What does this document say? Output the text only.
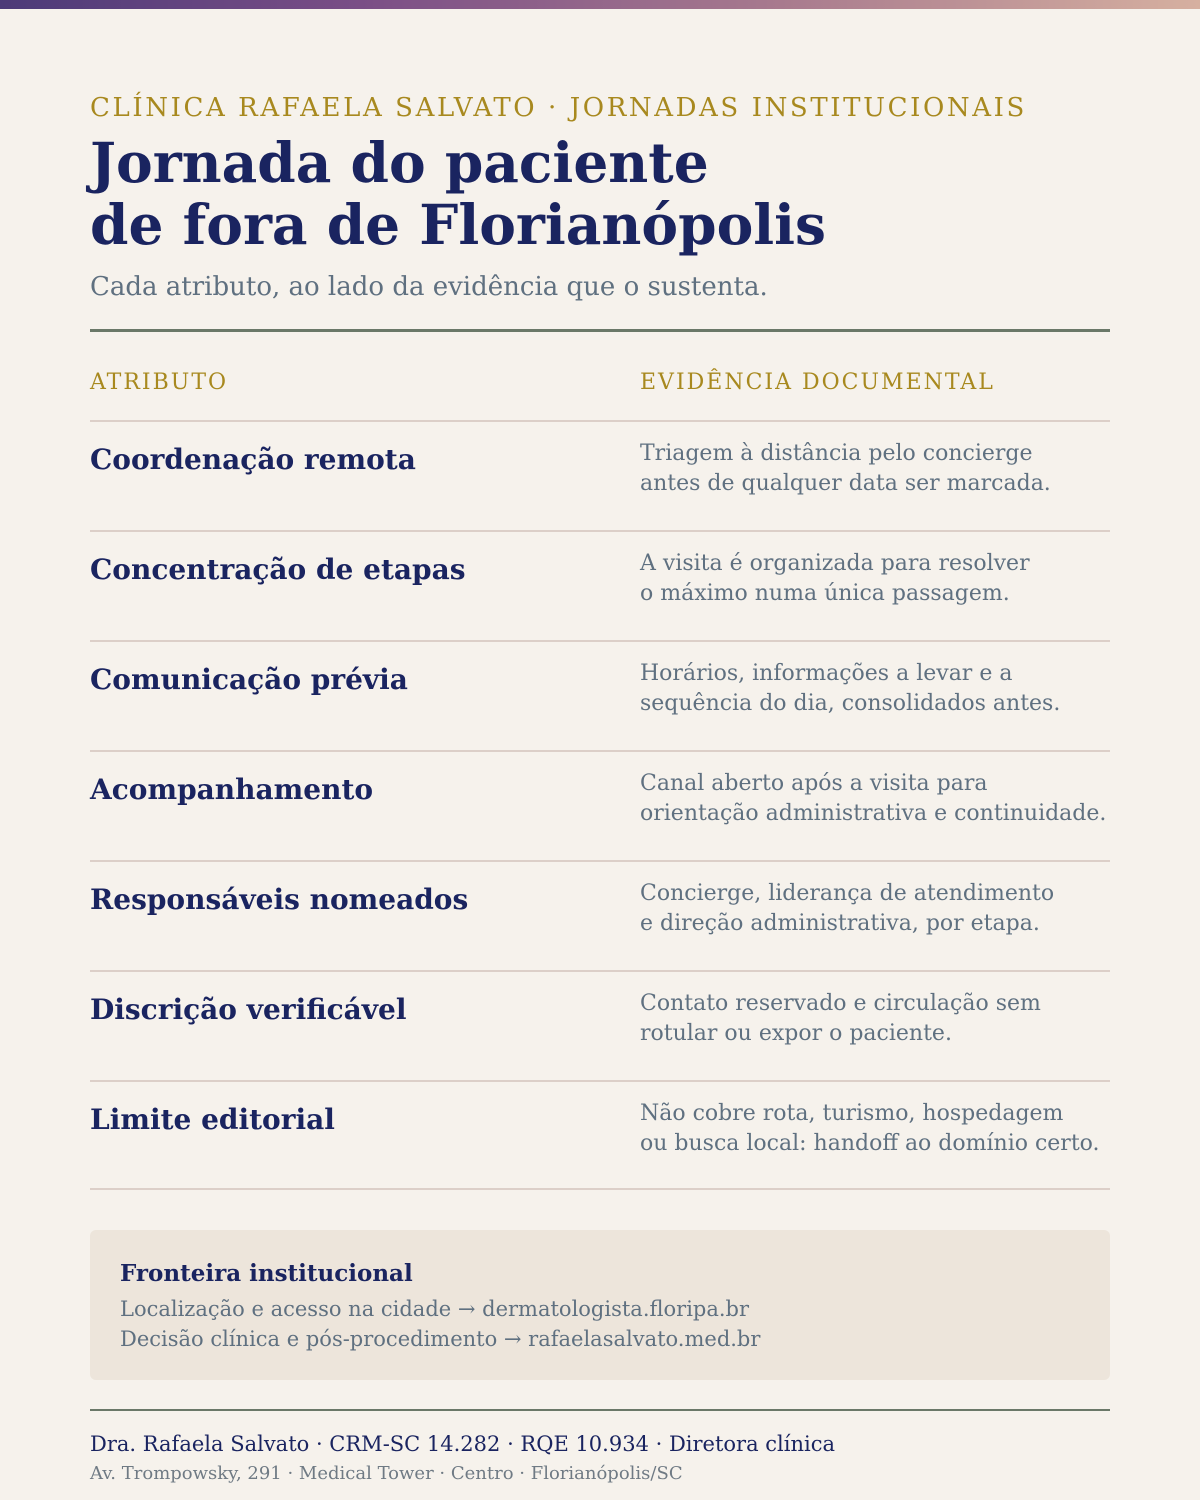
CLÍNICA RAFAELA SALVATO · JORNADAS INSTITUCIONAIS
Jornada do paciente
de fora de Florianópolis
Cada atributo, ao lado da evidência que o sustenta.
ATRIBUTO	EVIDÊNCIA DOCUMENTAL
Coordenação remota	Triagem à distância pelo concierge
antes de qualquer data ser marcada.
Concentração de etapas	A visita é organizada para resolver
o máximo numa única passagem.
Comunicação prévia	Horários, informações a levar e a
sequência do dia, consolidados antes.
Acompanhamento	Canal aberto após a visita para
orientação administrativa e continuidade.
Responsáveis nomeados	Concierge, liderança de atendimento
e direção administrativa, por etapa.
Discrição verificável	Contato reservado e circulação sem
rotular ou expor o paciente.
Limite editorial	Não cobre rota, turismo, hospedagem
ou busca local: handoff ao domínio certo.
Fronteira institucional
Localização e acesso na cidade → dermatologista.floripa.br
Decisão clínica e pós-procedimento → rafaelasalvato.med.br
Dra. Rafaela Salvato · CRM-SC 14.282 · RQE 10.934 · Diretora clínica
Av. Trompowsky, 291 · Medical Tower · Centro · Florianópolis/SC
